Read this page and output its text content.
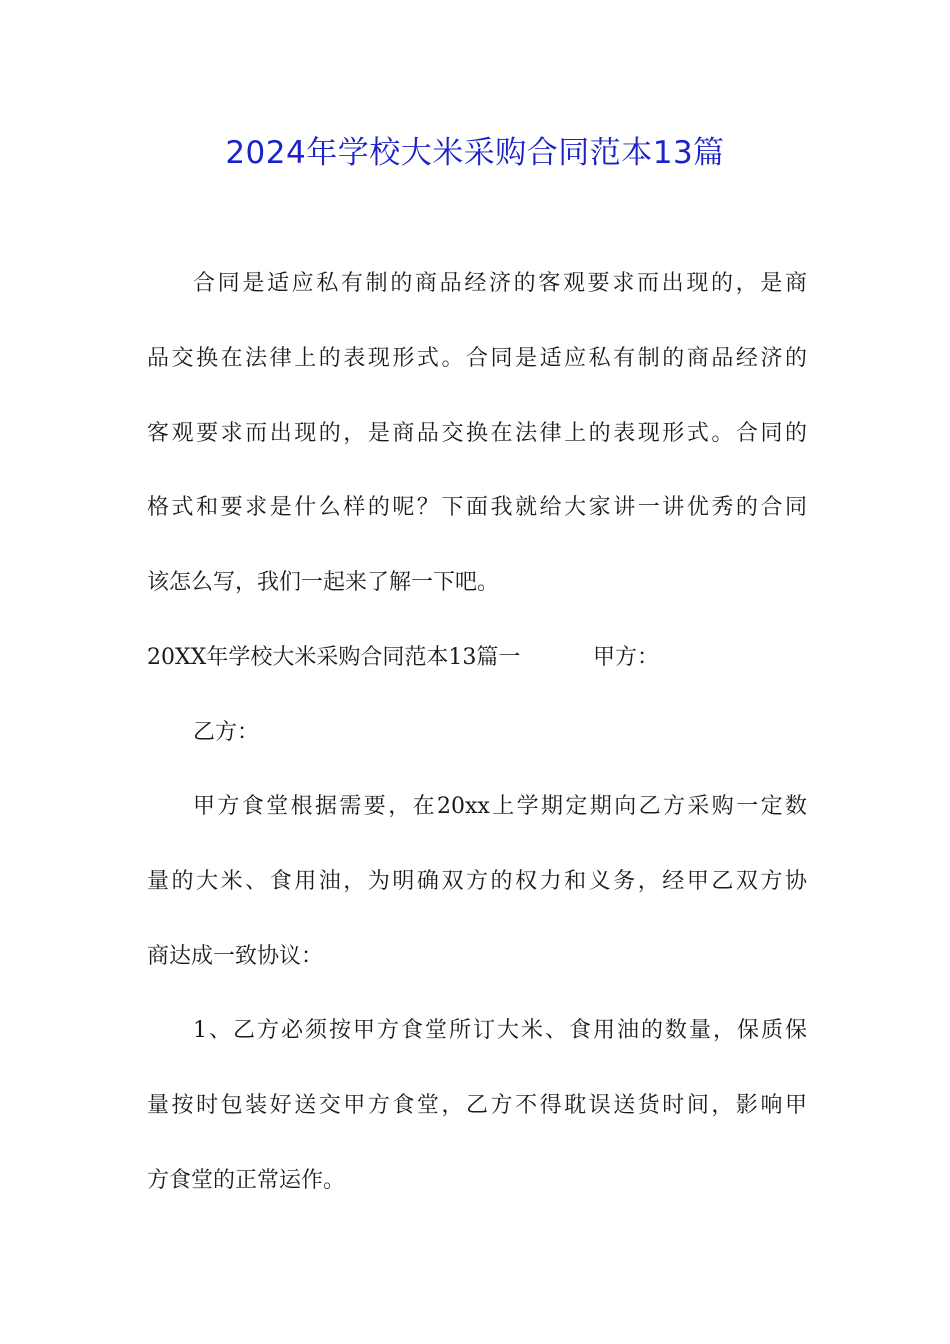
2024年学校大米采购合同范本13篇

合同是适应私有制的商品经济的客观要求而出现的，是商

品交换在法律上的表现形式。合同是适应私有制的商品经济的

客观要求而出现的，是商品交换在法律上的表现形式。合同的

格式和要求是什么样的呢？下面我就给大家讲一讲优秀的合同

该怎么写，我们一起来了解一下吧。

20XX年学校大米采购合同范本13篇一	甲方：

乙方：

甲方食堂根据需要，在20xx上学期定期向乙方采购一定数

量的大米、食用油，为明确双方的权力和义务，经甲乙双方协

商达成一致协议：

1、乙方必须按甲方食堂所订大米、食用油的数量，保质保

量按时包装好送交甲方食堂，乙方不得耽误送货时间，影响甲

方食堂的正常运作。
